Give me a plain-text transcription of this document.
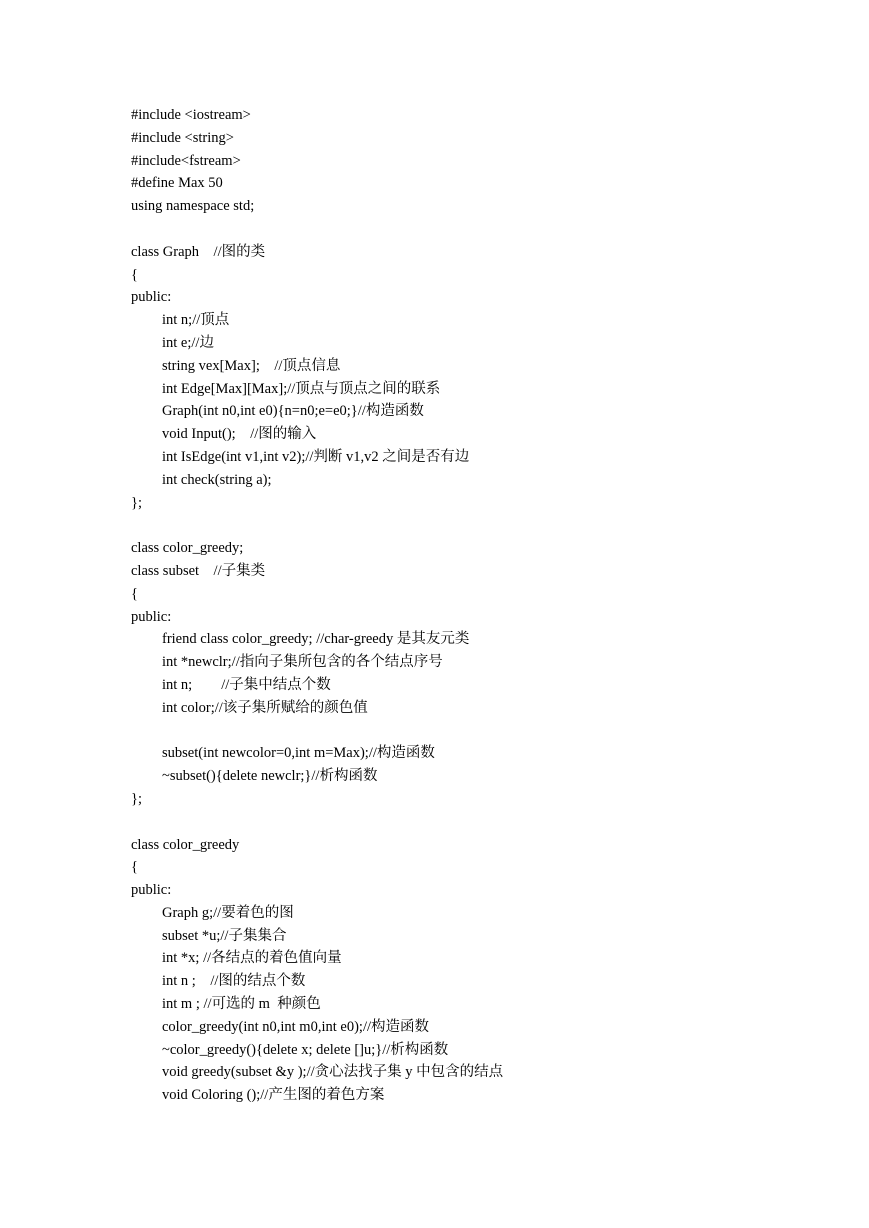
#include <iostream>
#include <string>
#include<fstream>
#define Max 50
using namespace std;
class Graph    //图的类
{
public:
int n;//顶点
int e;//边
string vex[Max];    //顶点信息
int Edge[Max][Max];//顶点与顶点之间的联系
Graph(int n0,int e0){n=n0;e=e0;}//构造函数
void Input();    //图的输入
int IsEdge(int v1,int v2);//判断 v1,v2 之间是否有边
int check(string a);
};
class color_greedy;
class subset    //子集类
{
public:
friend class color_greedy; //char-greedy 是其友元类
int *newclr;//指向子集所包含的各个结点序号
int n;        //子集中结点个数
int color;//该子集所赋给的颜色值
subset(int newcolor=0,int m=Max);//构造函数
~subset(){delete newclr;}//析构函数
};
class color_greedy
{
public:
Graph g;//要着色的图
subset *u;//子集集合
int *x; //各结点的着色值向量
int n ;    //图的结点个数
int m ; //可选的 m  种颜色
color_greedy(int n0,int m0,int e0);//构造函数
~color_greedy(){delete x; delete []u;}//析构函数
void greedy(subset &y );//贪心法找子集 y 中包含的结点
void Coloring ();//产生图的着色方案
